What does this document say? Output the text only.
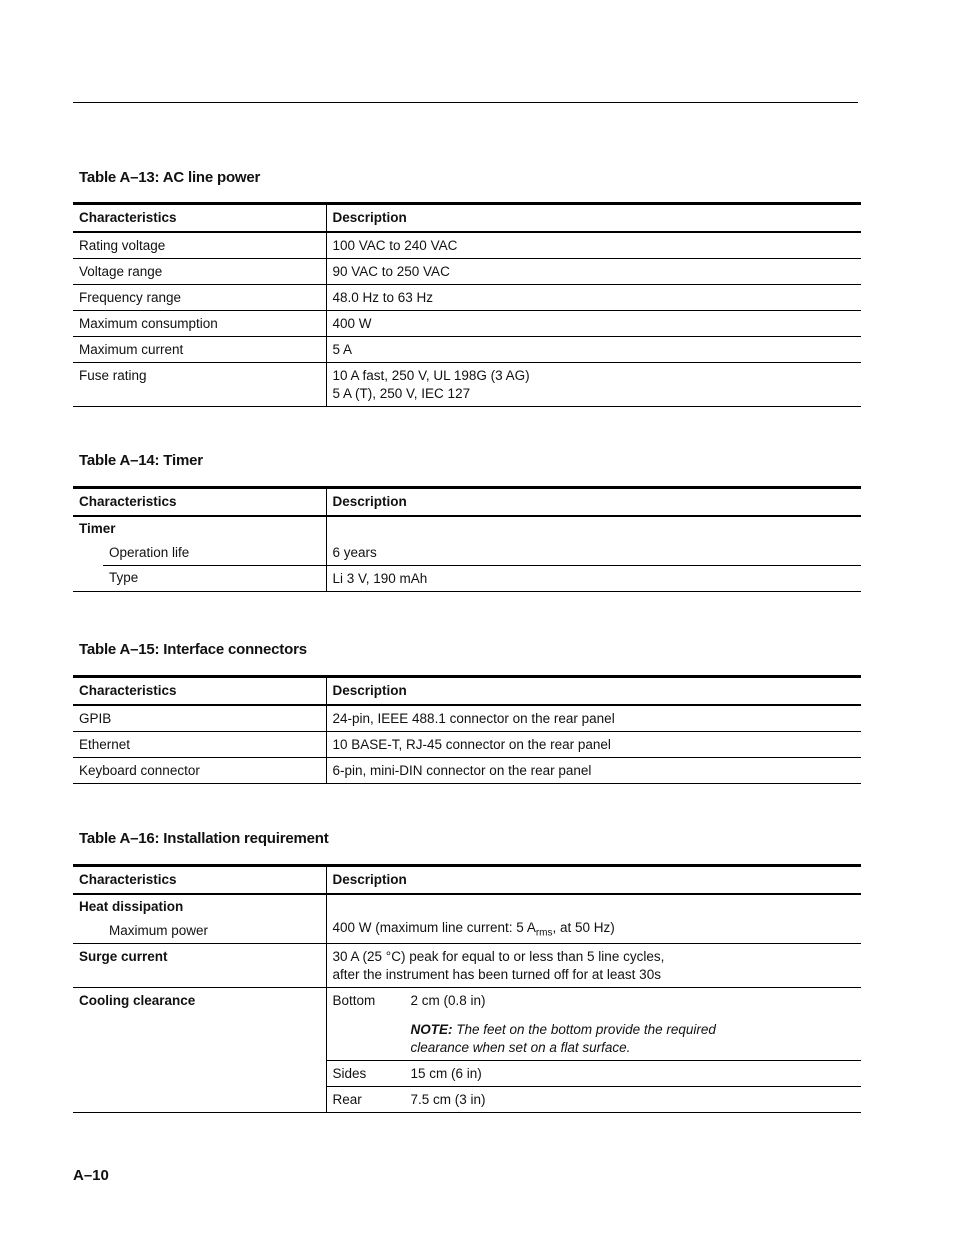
Table A–13: AC line power
Characteristics	Description
Rating voltage	100 VAC to 240 VAC
Voltage range	90 VAC to 250 VAC
Frequency range	48.0 Hz to 63 Hz
Maximum consumption	400 W
Maximum current	5 A
Fuse rating	10 A fast, 250 V, UL 198G (3 AG)
5 A (T), 250 V, IEC 127
Table A–14: Timer
Characteristics	Description
Timer	
Operation life	6 years
Type	Li 3 V, 190 mAh
Table A–15: Interface connectors
Characteristics	Description
GPIB	24-pin, IEEE 488.1 connector on the rear panel
Ethernet	10 BASE-T, RJ-45 connector on the rear panel
Keyboard connector	6-pin, mini-DIN connector on the rear panel
Table A–16: Installation requirement
Characteristics	Description
Heat dissipation	
Maximum power	400 W (maximum line current: 5 $A_{rms}$, at 50 Hz)
Surge current	30 A (25 °C) peak for equal to or less than 5 line cycles,
after the instrument has been turned off for at least 30s

Cooling clearance	Bottom 2 cm (0.8 in)
NOTE: The feet on the bottom provide the required
clearance when set on a flat surface.

	Sides 15 cm (6 in)
	Rear 7.5 cm (3 in)
A–10
